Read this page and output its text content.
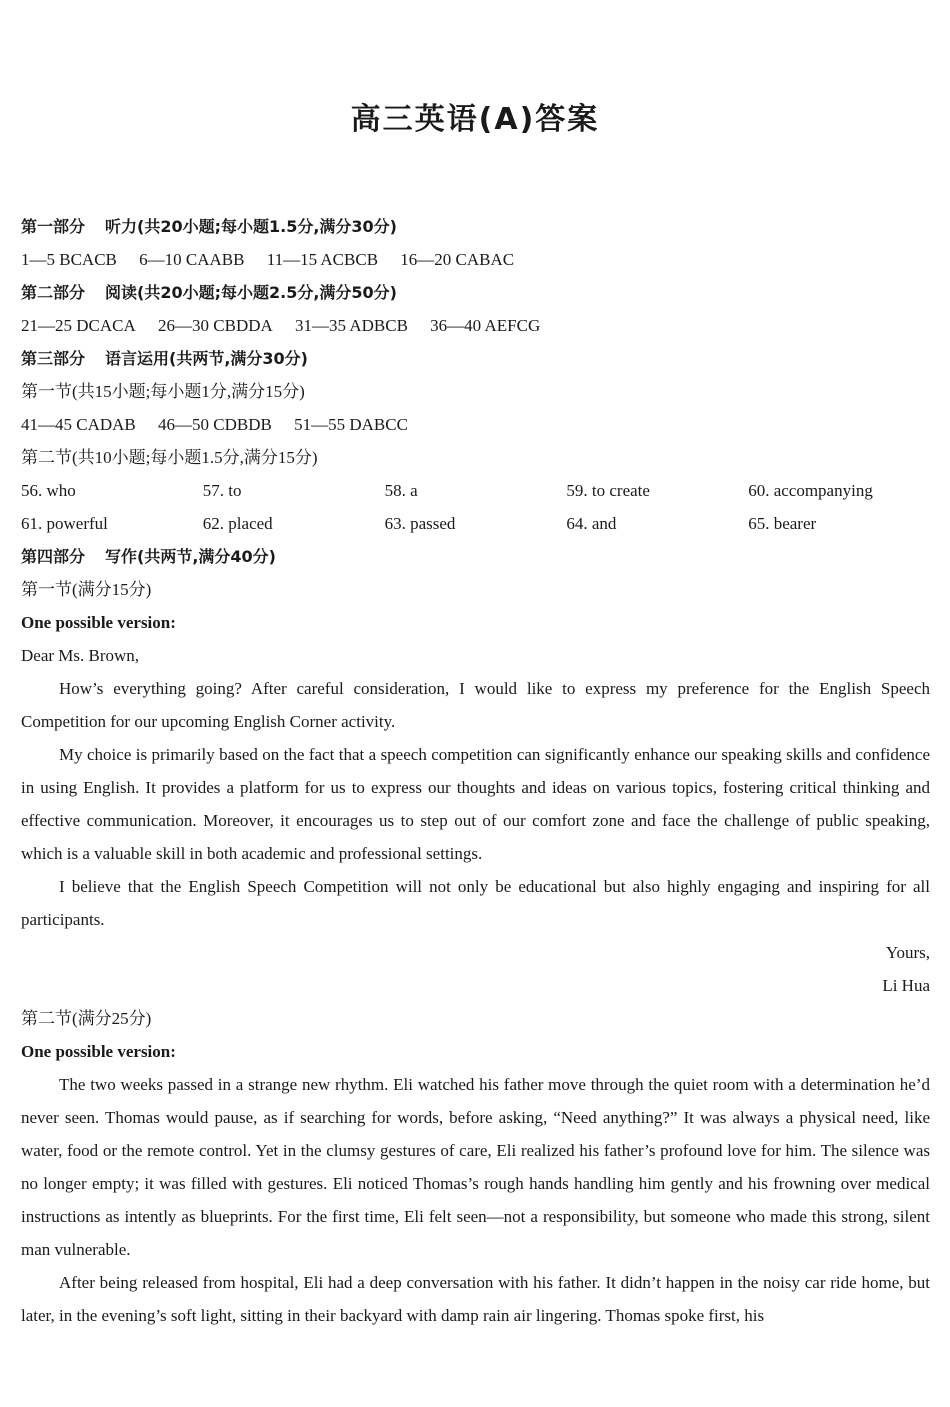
高三英语(A)答案
第一部分 听力(共20小题;每小题1.5分,满分30分)
1—5 BCACB 6—10 CAABB 11—15 ACBCB 16—20 CABAC
第二部分 阅读(共20小题;每小题2.5分,满分50分)
21—25 DCACA 26—30 CBDDA 31—35 ADBCB 36—40 AEFCG
第三部分 语言运用(共两节,满分30分)
第一节(共15小题;每小题1分,满分15分)
41—45 CADAB 46—50 CDBDB 51—55 DABCC
第二节(共10小题;每小题1.5分,满分15分)
56. who	57. to	58. a	59. to create	60. accompanying
61. powerful	62. placed	63. passed	64. and	65. bearer
第四部分 写作(共两节,满分40分)
第一节(满分15分)
One possible version:
Dear Ms. Brown,

How’s everything going? After careful consideration, I would like to express my preference for the English Speech Competition for our upcoming English Corner activity.

My choice is primarily based on the fact that a speech competition can significantly enhance our speaking skills and confidence in using English. It provides a platform for us to express our thoughts and ideas on various topics, fostering critical thinking and effective communication. Moreover, it encourages us to step out of our comfort zone and face the challenge of public speaking, which is a valuable skill in both academic and professional settings.

I believe that the English Speech Competition will not only be educational but also highly engaging and inspiring for all participants.

Yours,
Li Hua
第二节(满分25分)
One possible version:

The two weeks passed in a strange new rhythm. Eli watched his father move through the quiet room with a determination he’d never seen. Thomas would pause, as if searching for words, before asking, “Need anything?” It was always a physical need, like water, food or the remote control. Yet in the clumsy gestures of care, Eli realized his father’s profound love for him. The silence was no longer empty; it was filled with gestures. Eli noticed Thomas’s rough hands handling him gently and his frowning over medical instructions as intently as blueprints. For the first time, Eli felt seen—not a responsibility, but someone who made this strong, silent man vulnerable.

After being released from hospital, Eli had a deep conversation with his father. It didn’t happen in the noisy car ride home, but later, in the evening’s soft light, sitting in their backyard with damp rain air lingering. Thomas spoke first, his
